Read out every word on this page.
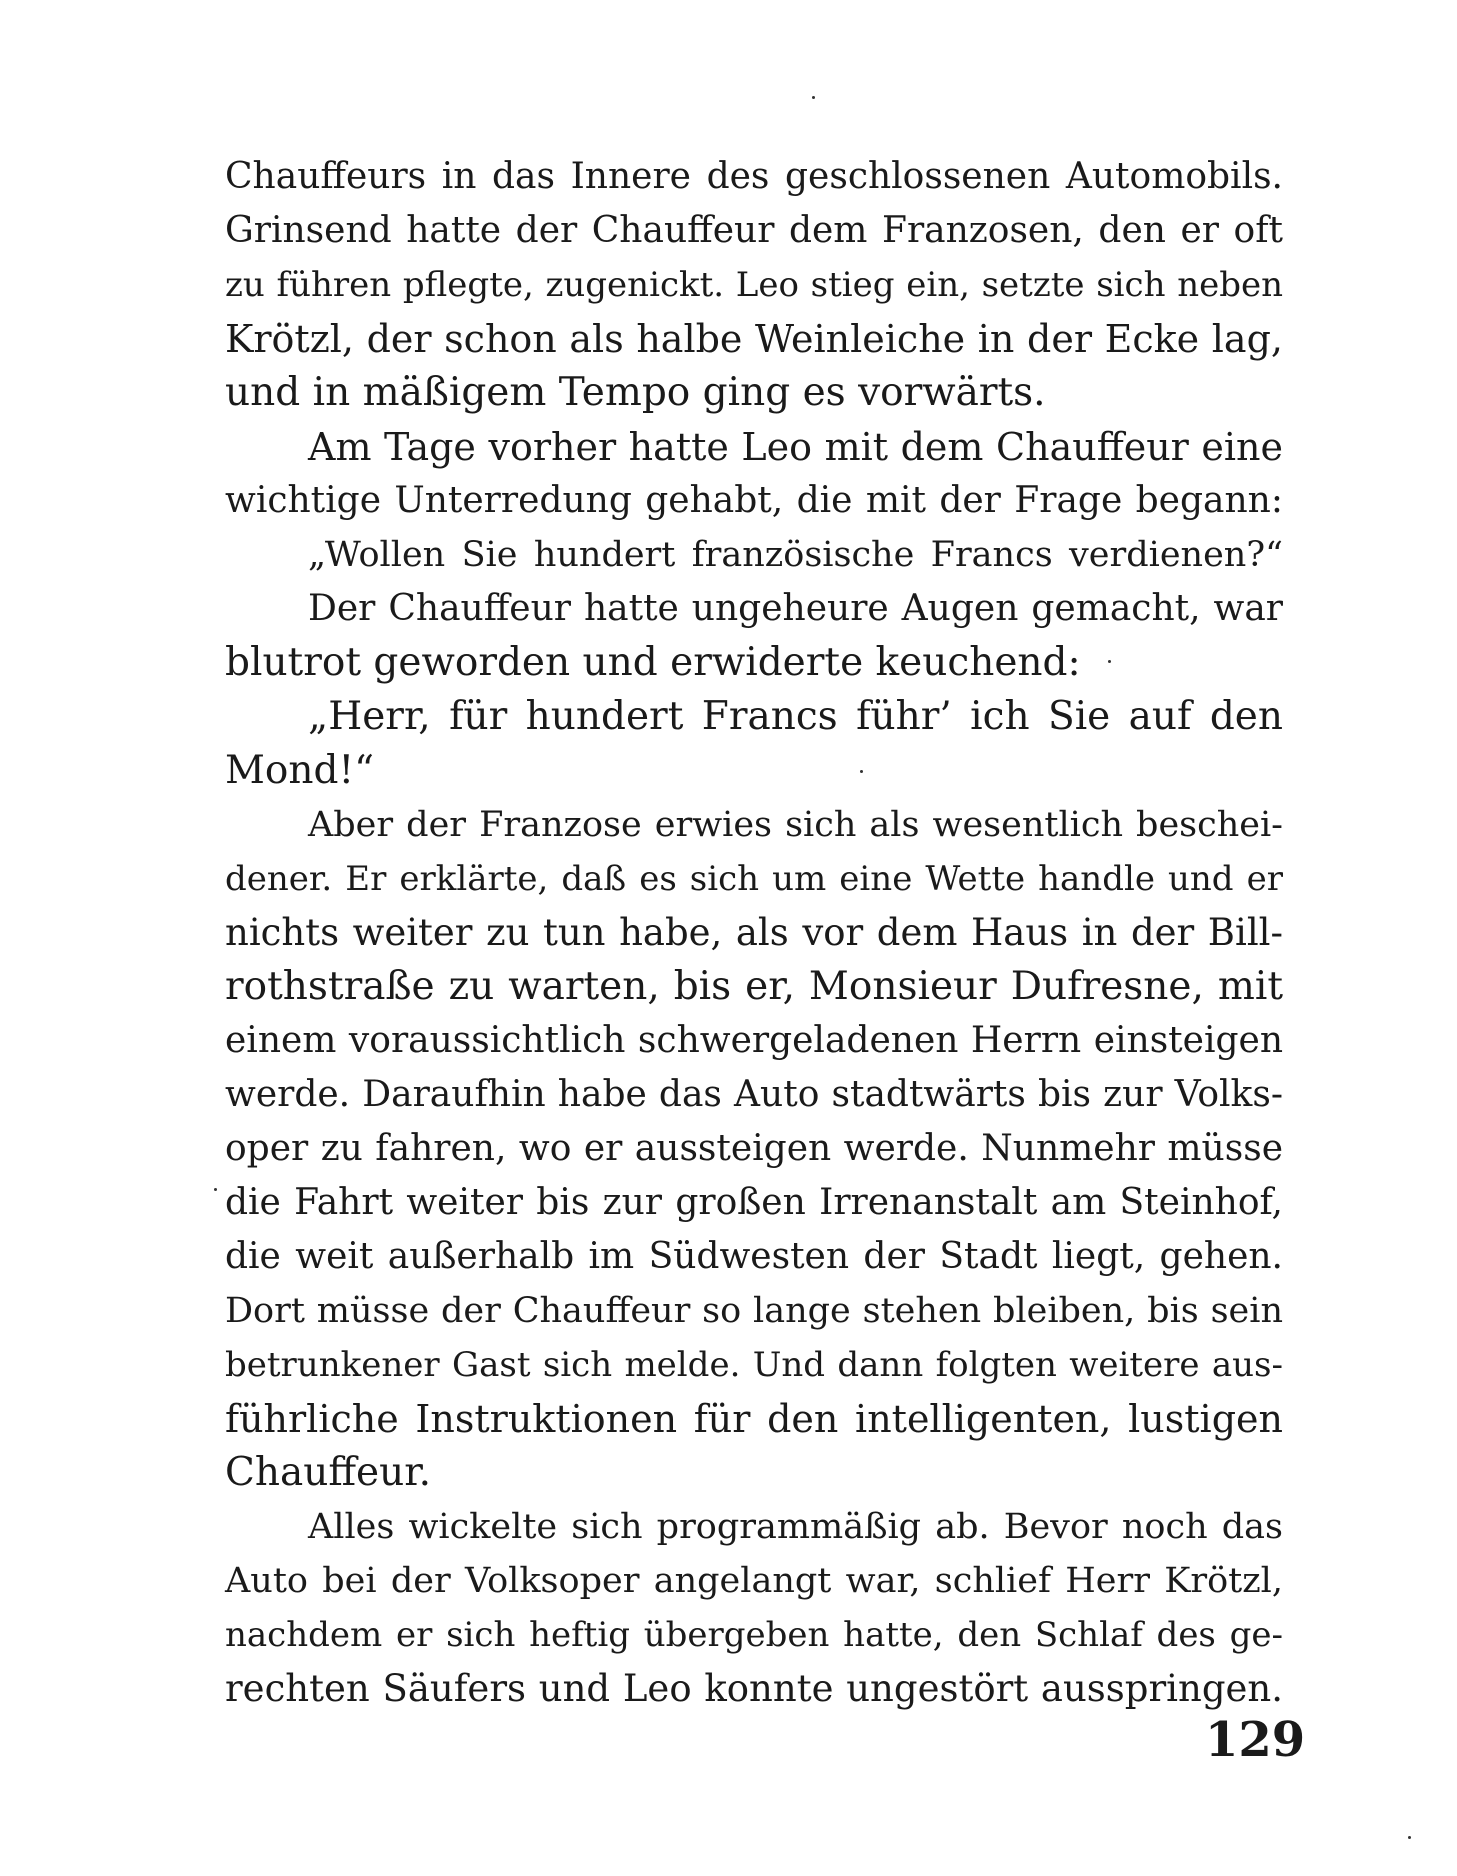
Chauffeurs in das Innere des geschlossenen Automobils.
Grinsend hatte der Chauffeur dem Franzosen, den er oft
zu führen pflegte, zugenickt. Leo stieg ein, setzte sich neben
Krötzl, der schon als halbe Weinleiche in der Ecke lag,
und in mäßigem Tempo ging es vorwärts.
Am Tage vorher hatte Leo mit dem Chauffeur eine
wichtige Unterredung gehabt, die mit der Frage begann:
„Wollen Sie hundert französische Francs verdienen?“
Der Chauffeur hatte ungeheure Augen gemacht, war
blutrot geworden und erwiderte keuchend:
„Herr, für hundert Francs führ’ ich Sie auf den
Mond!“
Aber der Franzose erwies sich als wesentlich beschei-
dener. Er erklärte, daß es sich um eine Wette handle und er
nichts weiter zu tun habe, als vor dem Haus in der Bill-
rothstraße zu warten, bis er, Monsieur Dufresne, mit
einem voraussichtlich schwergeladenen Herrn einsteigen
werde. Daraufhin habe das Auto stadtwärts bis zur Volks-
oper zu fahren, wo er aussteigen werde. Nunmehr müsse
die Fahrt weiter bis zur großen Irrenanstalt am Steinhof,
die weit außerhalb im Südwesten der Stadt liegt, gehen.
Dort müsse der Chauffeur so lange stehen bleiben, bis sein
betrunkener Gast sich melde. Und dann folgten weitere aus-
führliche Instruktionen für den intelligenten, lustigen
Chauffeur.
Alles wickelte sich programmäßig ab. Bevor noch das
Auto bei der Volksoper angelangt war, schlief Herr Krötzl,
nachdem er sich heftig übergeben hatte, den Schlaf des ge-
rechten Säufers und Leo konnte ungestört ausspringen.
129
